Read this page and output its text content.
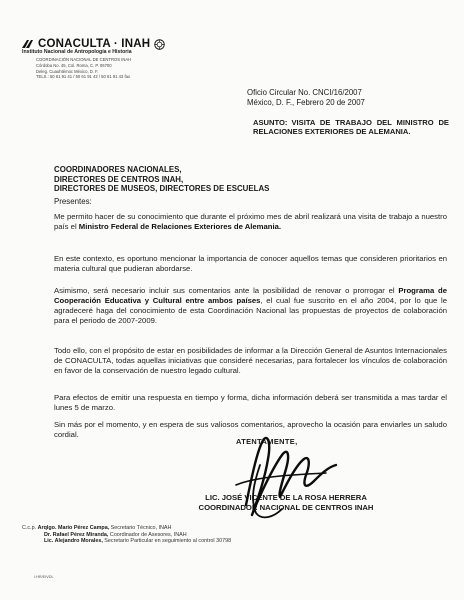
CONACULTA · INAH
Instituto Nacional de Antropología e Historia
COORDINACIÓN NACIONAL DE CENTROS INAH
Córdoba No. 45, Col. Roma, C. P. 06700
Deleg. Cuauhtémoc México, D. F.
TELS.: 50 61 91 41 / 50 61 91 42 / 50 61 91 43 fax
Oficio Circular No. CNCI/16/2007
México, D. F., Febrero 20 de 2007
ASUNTO: VISITA DE TRABAJO DEL MINISTRO DE RELACIONES EXTERIORES DE ALEMANIA.
COORDINADORES NACIONALES,
DIRECTORES DE CENTROS INAH,
DIRECTORES DE MUSEOS, DIRECTORES DE ESCUELAS
Presentes:
Me permito hacer de su conocimiento que durante el próximo mes de abril realizará una visita de trabajo a nuestro país el Ministro Federal de Relaciones Exteriores de Alemania.
En este contexto, es oportuno mencionar la importancia de conocer aquellos temas que consideren prioritarios en materia cultural que pudieran abordarse.
Asimismo, será necesario incluir sus comentarios ante la posibilidad de renovar o prorrogar el Programa de Cooperación Educativa y Cultural entre ambos países, el cual fue suscrito en el año 2004, por lo que le agradeceré haga del conocimiento de esta Coordinación Nacional las propuestas de proyectos de colaboración para el periodo de 2007-2009.
Todo ello, con el propósito de estar en posibilidades de informar a la Dirección General de Asuntos Internacionales de CONACULTA, todas aquellas iniciativas que consideré necesarias, para fortalecer los vínculos de colaboración en favor de la conservación de nuestro legado cultural.
Para efectos de emitir una respuesta en tiempo y forma, dicha información deberá ser transmitida a mas tardar el lunes 5 de marzo.
Sin más por el momento, y en espera de sus valiosos comentarios, aprovecho la ocasión para enviarles un saludo cordial.
ATENTAMENTE,
LIC. JOSÉ VICENTE DE LA ROSA HERRERA
COORDINADOR NACIONAL DE CENTROS INAH
C.c.p. Arqlgo. Mario Pérez Campa, Secretario Técnico, INAH
Dr. Rafael Pérez Miranda, Coordinador de Asesores, INAH
Lic. Alejandro Morales, Secretario Particular en seguimiento al control 30798
I.HR/EIVDL
